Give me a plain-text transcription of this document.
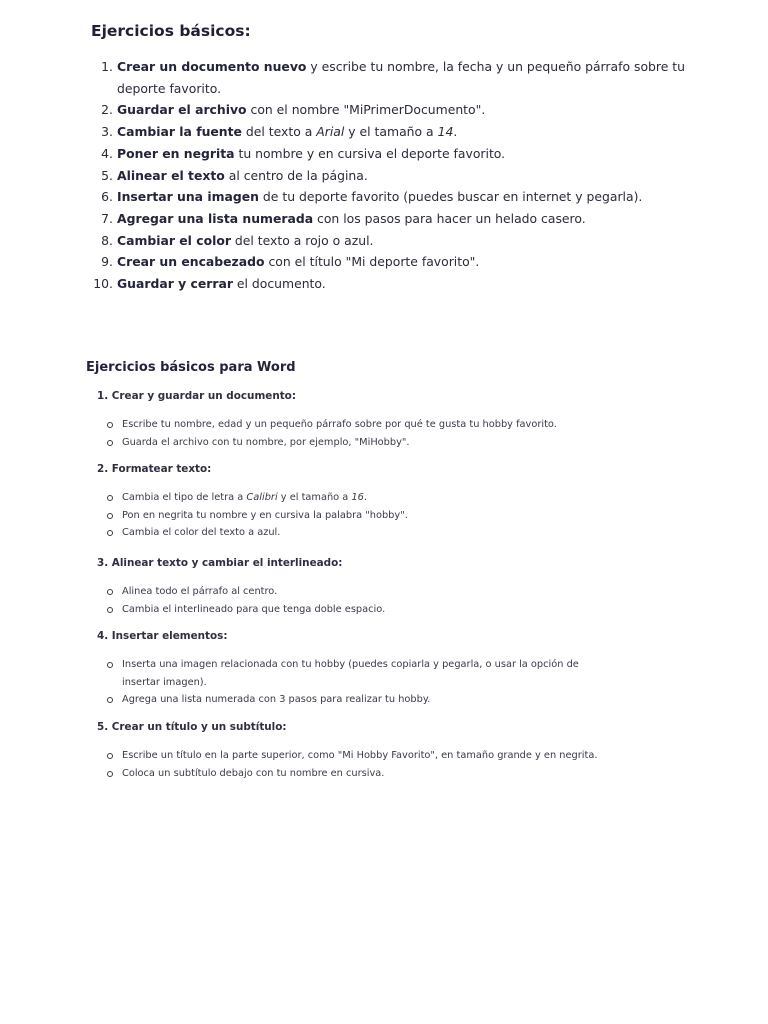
Ejercicios básicos:
1. Crear un documento nuevo y escribe tu nombre, la fecha y un pequeño párrafo sobre tu deporte favorito.
2. Guardar el archivo con el nombre "MiPrimerDocumento".
3. Cambiar la fuente del texto a Arial y el tamaño a 14.
4. Poner en negrita tu nombre y en cursiva el deporte favorito.
5. Alinear el texto al centro de la página.
6. Insertar una imagen de tu deporte favorito (puedes buscar en internet y pegarla).
7. Agregar una lista numerada con los pasos para hacer un helado casero.
8. Cambiar el color del texto a rojo o azul.
9. Crear un encabezado con el título "Mi deporte favorito".
10. Guardar y cerrar el documento.
Ejercicios básicos para Word
1. Crear y guardar un documento:
Escribe tu nombre, edad y un pequeño párrafo sobre por qué te gusta tu hobby favorito.
Guarda el archivo con tu nombre, por ejemplo, "MiHobby".
2. Formatear texto:
Cambia el tipo de letra a Calibri y el tamaño a 16.
Pon en negrita tu nombre y en cursiva la palabra "hobby".
Cambia el color del texto a azul.
3. Alinear texto y cambiar el interlineado:
Alinea todo el párrafo al centro.
Cambia el interlineado para que tenga doble espacio.
4. Insertar elementos:
Inserta una imagen relacionada con tu hobby (puedes copiarla y pegarla, o usar la opción de insertar imagen).
Agrega una lista numerada con 3 pasos para realizar tu hobby.
5. Crear un título y un subtítulo:
Escribe un título en la parte superior, como "Mi Hobby Favorito", en tamaño grande y en negrita.
Coloca un subtítulo debajo con tu nombre en cursiva.
